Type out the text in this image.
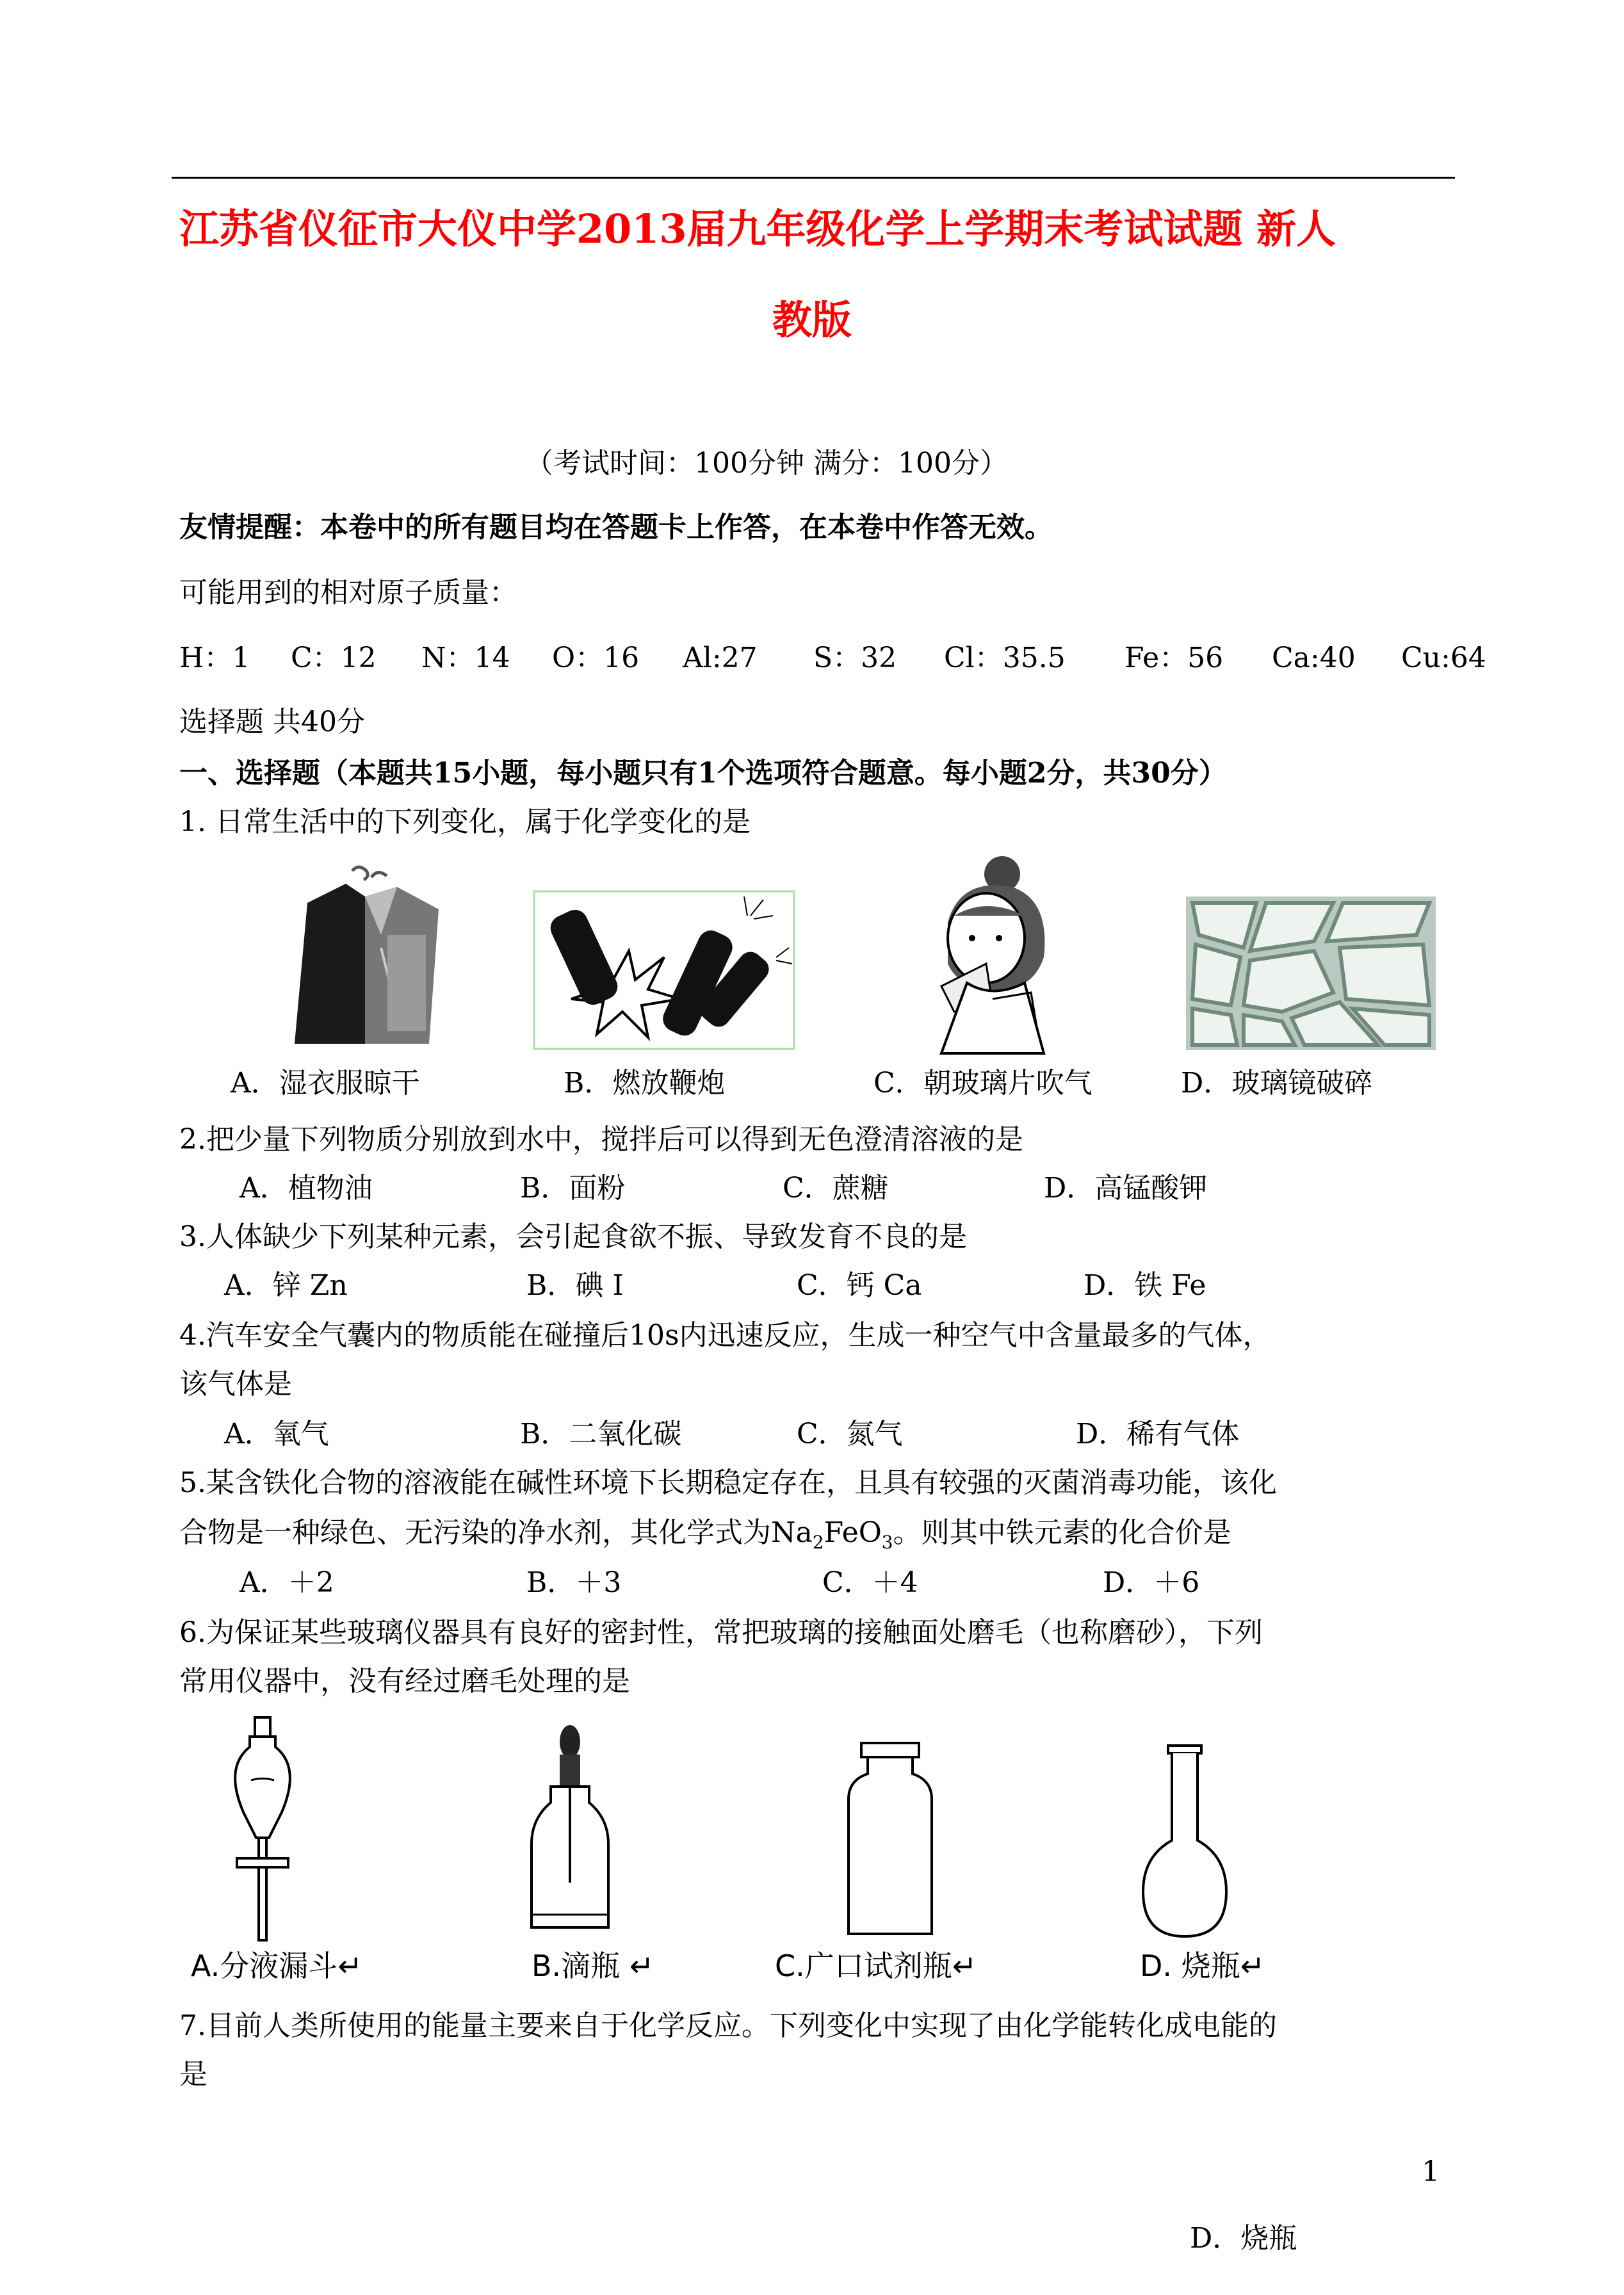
江苏省仪征市大仪中学2013届九年级化学上学期末考试试题 新人
教版
（考试时间：100分钟 满分：100分）
友情提醒：本卷中的所有题目均在答题卡上作答，在本卷中作答无效。
可能用到的相对原子质量：
H：1 C：12 N：14 O：16 Al:27 S：32 Cl：35.5 Fe：56 Ca:40 Cu:64
选择题 共40分
一、选择题（本题共15小题，每小题只有1个选项符合题意。每小题2分，共30分）
1. 日常生活中的下列变化，属于化学变化的是
A．湿衣服晾干	B．燃放鞭炮	C．朝玻璃片吹气	D．玻璃镜破碎
2.把少量下列物质分别放到水中，搅拌后可以得到无色澄清溶液的是
A．植物油	B．面粉	C．蔗糖	D．高锰酸钾
3.人体缺少下列某种元素，会引起食欲不振、导致发育不良的是
A．锌 Zn	B．碘 I	C．钙 Ca	D．铁 Fe
4.汽车安全气囊内的物质能在碰撞后10s内迅速反应，生成一种空气中含量最多的气体，
该气体是
A．氧气	B．二氧化碳	C．氮气	D．稀有气体
5.某含铁化合物的溶液能在碱性环境下长期稳定存在，且具有较强的灭菌消毒功能，该化
合物是一种绿色、无污染的净水剂，其化学式为$Na_2FeO_3$。则其中铁元素的化合价是
A．＋2	B．＋3	C．＋4	D．＋6
6.为保证某些玻璃仪器具有良好的密封性，常把玻璃的接触面处磨毛（也称磨砂），下列
常用仪器中，没有经过磨毛处理的是
A.分液漏斗↵	B.滴瓶 ↵	C.广口试剂瓶↵	D. 烧瓶↵
7.目前人类所使用的能量主要来自于化学反应。下列变化中实现了由化学能转化成电能的
是
1
D．烧瓶
